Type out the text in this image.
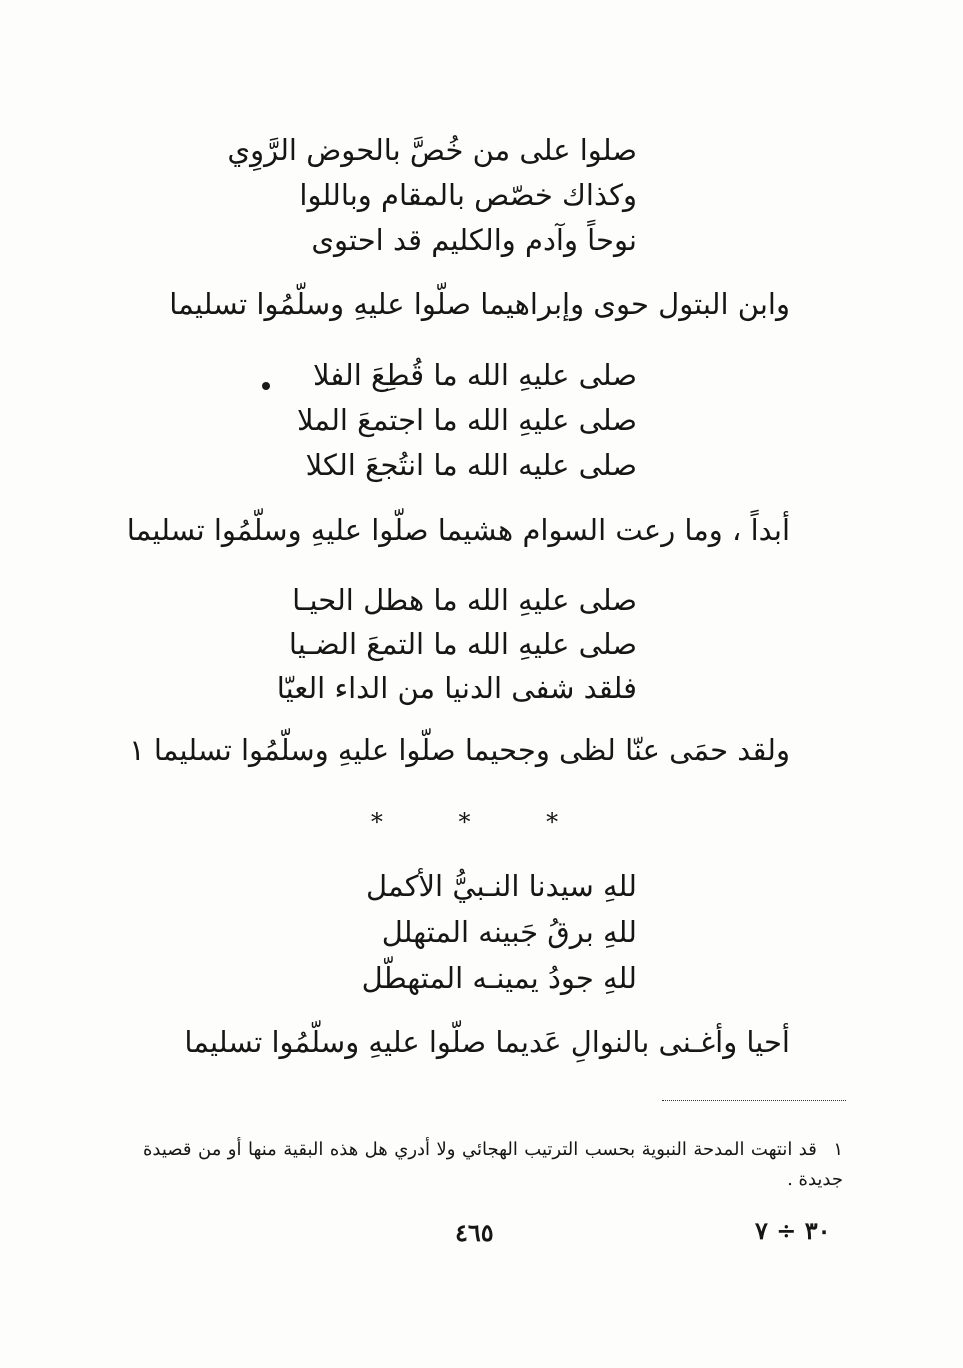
صلوا على من خُصَّ بالحوض الرَّوِي
وكذاك خصّص بالمقام وباللوا
نوحاً وآدم والكليم قد احتوى
وابن البتول حوى وإبراهيما صلّوا عليهِ وسلّمُوا تسليما
صلى عليهِ الله ما قُطِعَ الفلا
صلى عليهِ الله ما اجتمعَ الملا
صلى عليه الله ما انتُجعَ الكلا
أبداً ، وما رعت السوام هشيما صلّوا عليهِ وسلّمُوا تسليما
صلى عليهِ الله ما هطل الحيـا
صلى عليهِ الله ما التمعَ الضـيا
فلقد شفى الدنيا من الداء العيّا
ولقد حمَى عنّا لظى وجحيما صلّوا عليهِ وسلّمُوا تسليما ١
* * *
للهِ سيدنا النـبيُّ الأكمل
للهِ برقُ جَبينه المتهلل
للهِ جودُ يمينـه المتهطّل
أحيا وأغـنى بالنوالِ عَديما صلّوا عليهِ وسلّمُوا تسليما
١ قد انتهت المدحة النبوية بحسب الترتيب الهجائي ولا أدري هل هذه البقية منها أو من قصيدة جديدة .
٤٦٥	٣٠ ÷ ٧
